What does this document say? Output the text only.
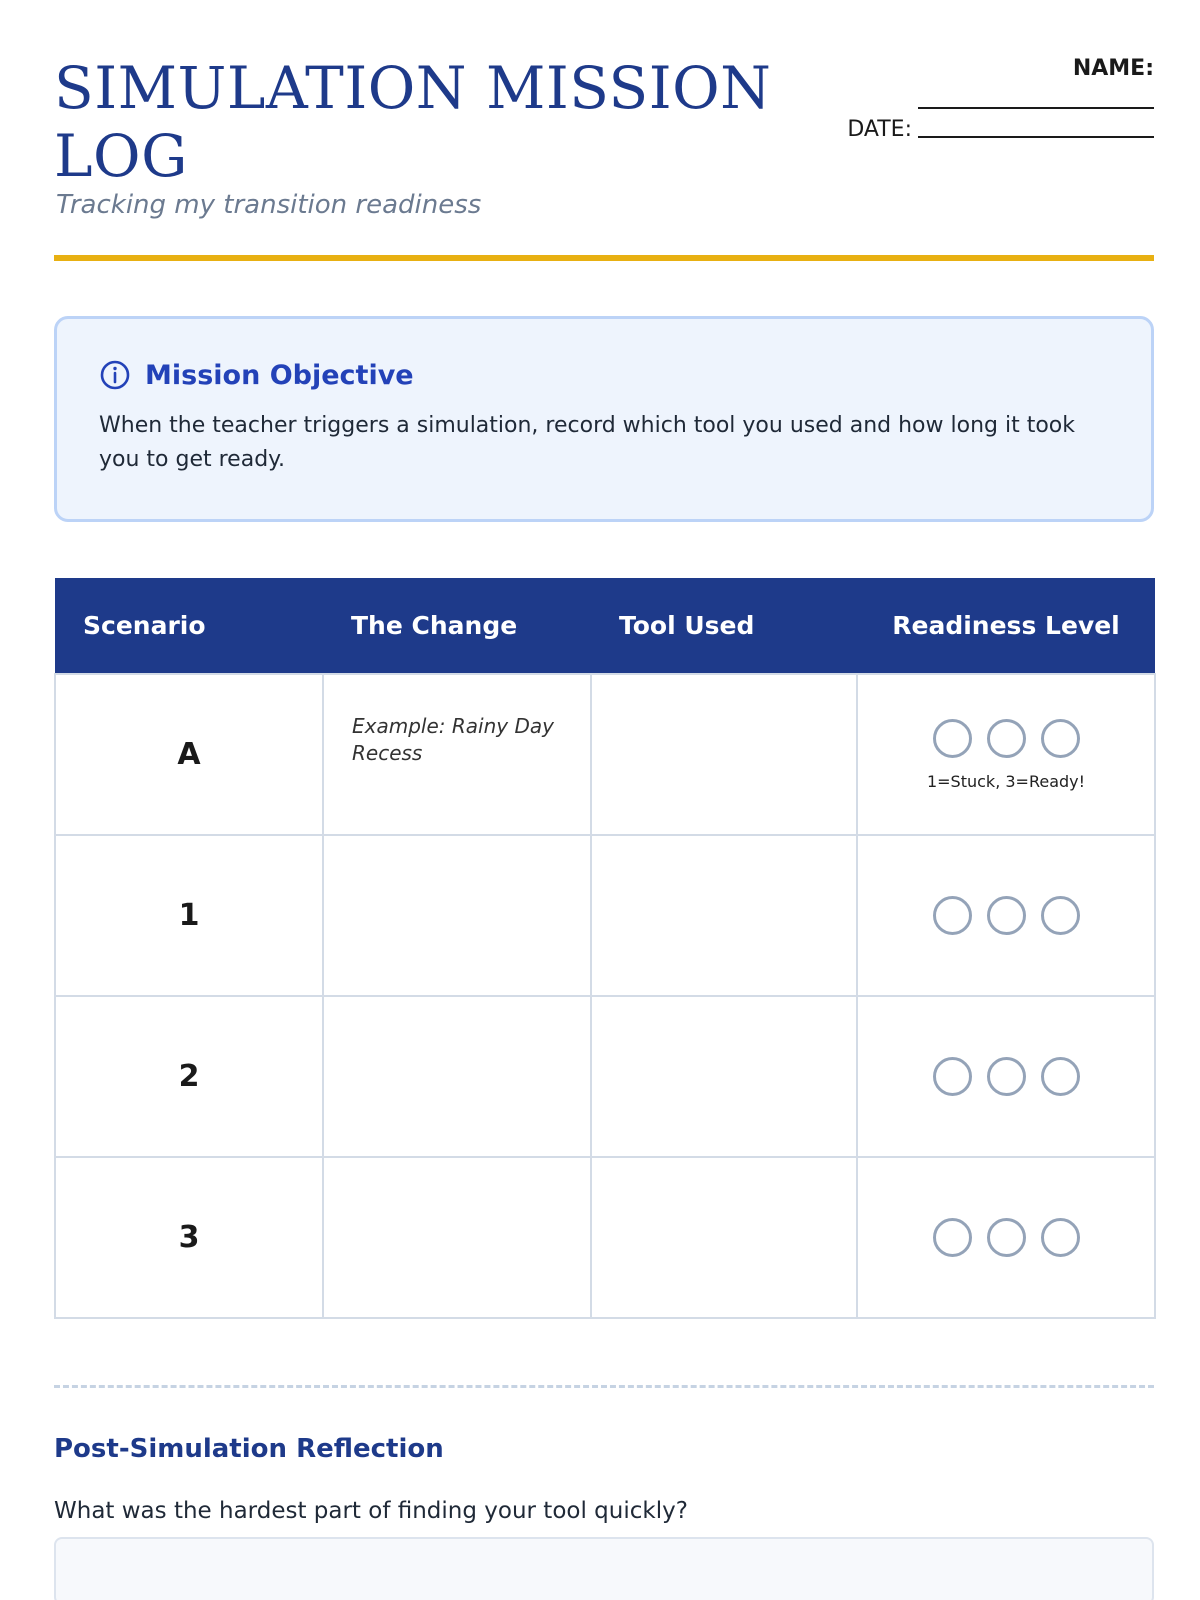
SIMULATION MISSION LOG
Tracking my transition readiness
NAME:
DATE:
Mission Objective

When the teacher triggers a simulation, record which tool you used and how long it took you to get ready.

Scenario	The Change	Tool Used	Readiness Level
A	Example: Rainy Day Recess		1=Stuck, 3=Ready!

1			

2			

3			
Post-Simulation Reflection
What was the hardest part of finding your tool quickly?
